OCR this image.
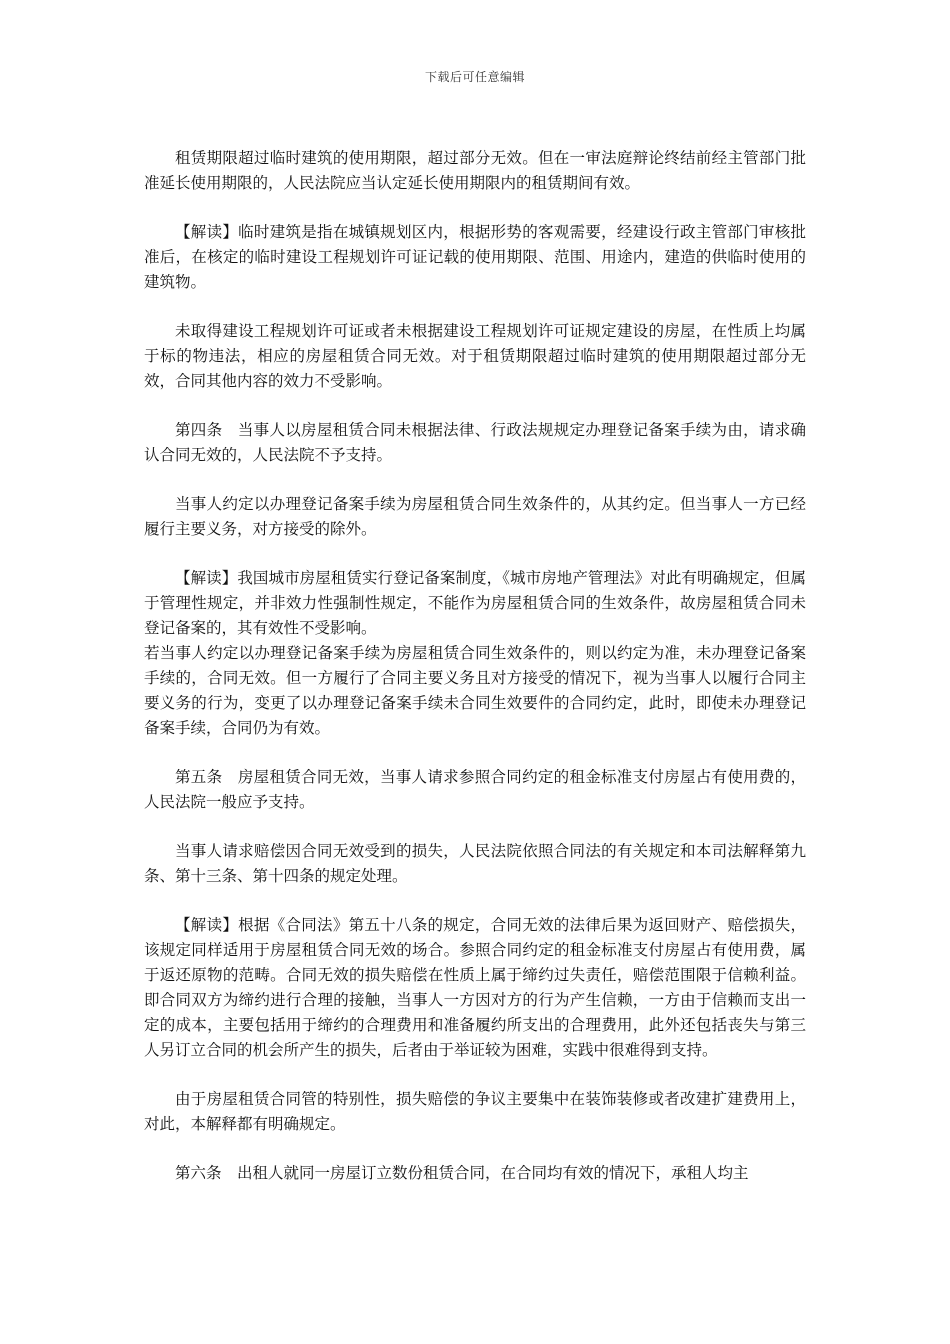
下载后可任意编辑

租赁期限超过临时建筑的使用期限，超过部分无效。但在一审法庭辩论终结前经主管部门批准延长使用期限的，人民法院应当认定延长使用期限内的租赁期间有效。

【解读】临时建筑是指在城镇规划区内，根据形势的客观需要，经建设行政主管部门审核批准后，在核定的临时建设工程规划许可证记载的使用期限、范围、用途内，建造的供临时使用的建筑物。

未取得建设工程规划许可证或者未根据建设工程规划许可证规定建设的房屋，在性质上均属于标的物违法，相应的房屋租赁合同无效。对于租赁期限超过临时建筑的使用期限超过部分无效，合同其他内容的效力不受影响。

第四条 当事人以房屋租赁合同未根据法律、行政法规规定办理登记备案手续为由，请求确认合同无效的，人民法院不予支持。

当事人约定以办理登记备案手续为房屋租赁合同生效条件的，从其约定。但当事人一方已经履行主要义务，对方接受的除外。

【解读】我国城市房屋租赁实行登记备案制度，《城市房地产管理法》对此有明确规定，但属于管理性规定，并非效力性强制性规定，不能作为房屋租赁合同的生效条件，故房屋租赁合同未登记备案的，其有效性不受影响。

若当事人约定以办理登记备案手续为房屋租赁合同生效条件的，则以约定为准，未办理登记备案手续的，合同无效。但一方履行了合同主要义务且对方接受的情况下，视为当事人以履行合同主要义务的行为，变更了以办理登记备案手续未合同生效要件的合同约定，此时，即使未办理登记备案手续，合同仍为有效。

第五条 房屋租赁合同无效，当事人请求参照合同约定的租金标准支付房屋占有使用费的，人民法院一般应予支持。

当事人请求赔偿因合同无效受到的损失，人民法院依照合同法的有关规定和本司法解释第九条、第十三条、第十四条的规定处理。

【解读】根据《合同法》第五十八条的规定，合同无效的法律后果为返回财产、赔偿损失，该规定同样适用于房屋租赁合同无效的场合。参照合同约定的租金标准支付房屋占有使用费，属于返还原物的范畴。合同无效的损失赔偿在性质上属于缔约过失责任，赔偿范围限于信赖利益。即合同双方为缔约进行合理的接触，当事人一方因对方的行为产生信赖，一方由于信赖而支出一定的成本，主要包括用于缔约的合理费用和准备履约所支出的合理费用，此外还包括丧失与第三人另订立合同的机会所产生的损失，后者由于举证较为困难，实践中很难得到支持。

由于房屋租赁合同管的特别性，损失赔偿的争议主要集中在装饰装修或者改建扩建费用上，对此，本解释都有明确规定。

第六条 出租人就同一房屋订立数份租赁合同，在合同均有效的情况下，承租人均主
